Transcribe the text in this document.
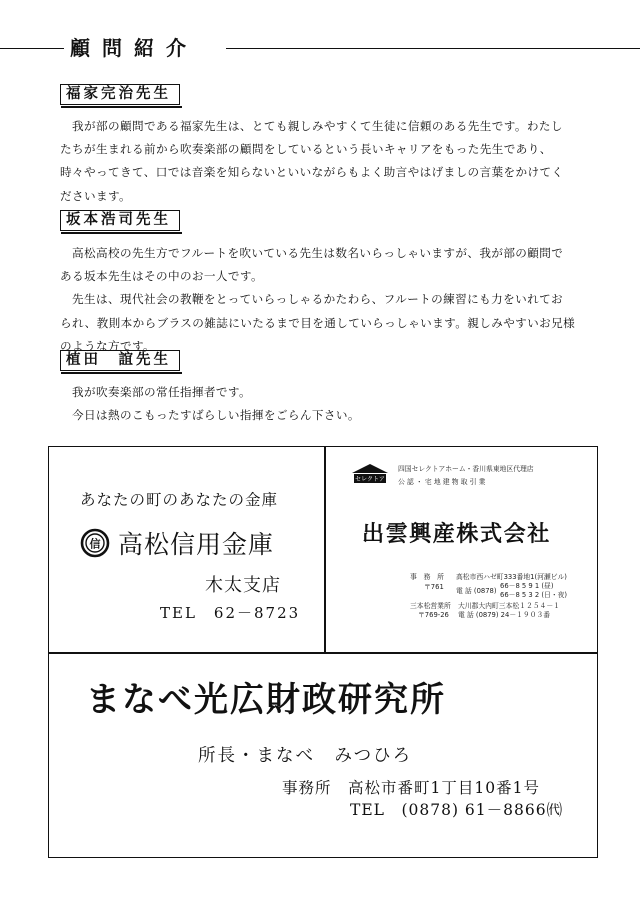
顧問紹介
福家完治先生
我が部の顧問である福家先生は、とても親しみやすくて生徒に信頼のある先生です。わたし
たちが生まれる前から吹奏楽部の顧問をしているという長いキャリアをもった先生であり、
時々やってきて、口では音楽を知らないといいながらもよく助言やはげましの言葉をかけてく
ださいます。
坂本浩司先生
高松高校の先生方でフルートを吹いている先生は数名いらっしゃいますが、我が部の顧問で
ある坂本先生はその中のお一人です。
先生は、現代社会の教鞭をとっていらっしゃるかたわら、フルートの練習にも力をいれてお
られ、教則本からブラスの雑誌にいたるまで目を通していらっしゃいます。親しみやすいお兄様
のような方です。
植田　誼先生
我が吹奏楽部の常任指揮者です。
今日は熱のこもったすばらしい指揮をごらん下さい。
あなたの町のあなたの金庫
信 高松信用金庫
木太支店
TEL　62－8723
セレクトア
四国セレクトアホーム・香川県東地区代理店
公 認 ・ 宅 地 建 物 取 引 業
出雲興産株式会社
事　務　所 高松市西ハゼ町333番地1(河瀬ビル)
〒761 電 話 (0878)
66－8 5 9 1 (昼)
66－8 5 3 2 (日・夜)
三本松営業所 大川郡大内町三本松１２５４－１
〒769-26 電 話 (0879) 24－１９０３番
まなべ光広財政研究所
所長・まなべ　みつひろ
事務所　高松市番町1丁目10番1号
TEL　(0878) 61－8866㈹
